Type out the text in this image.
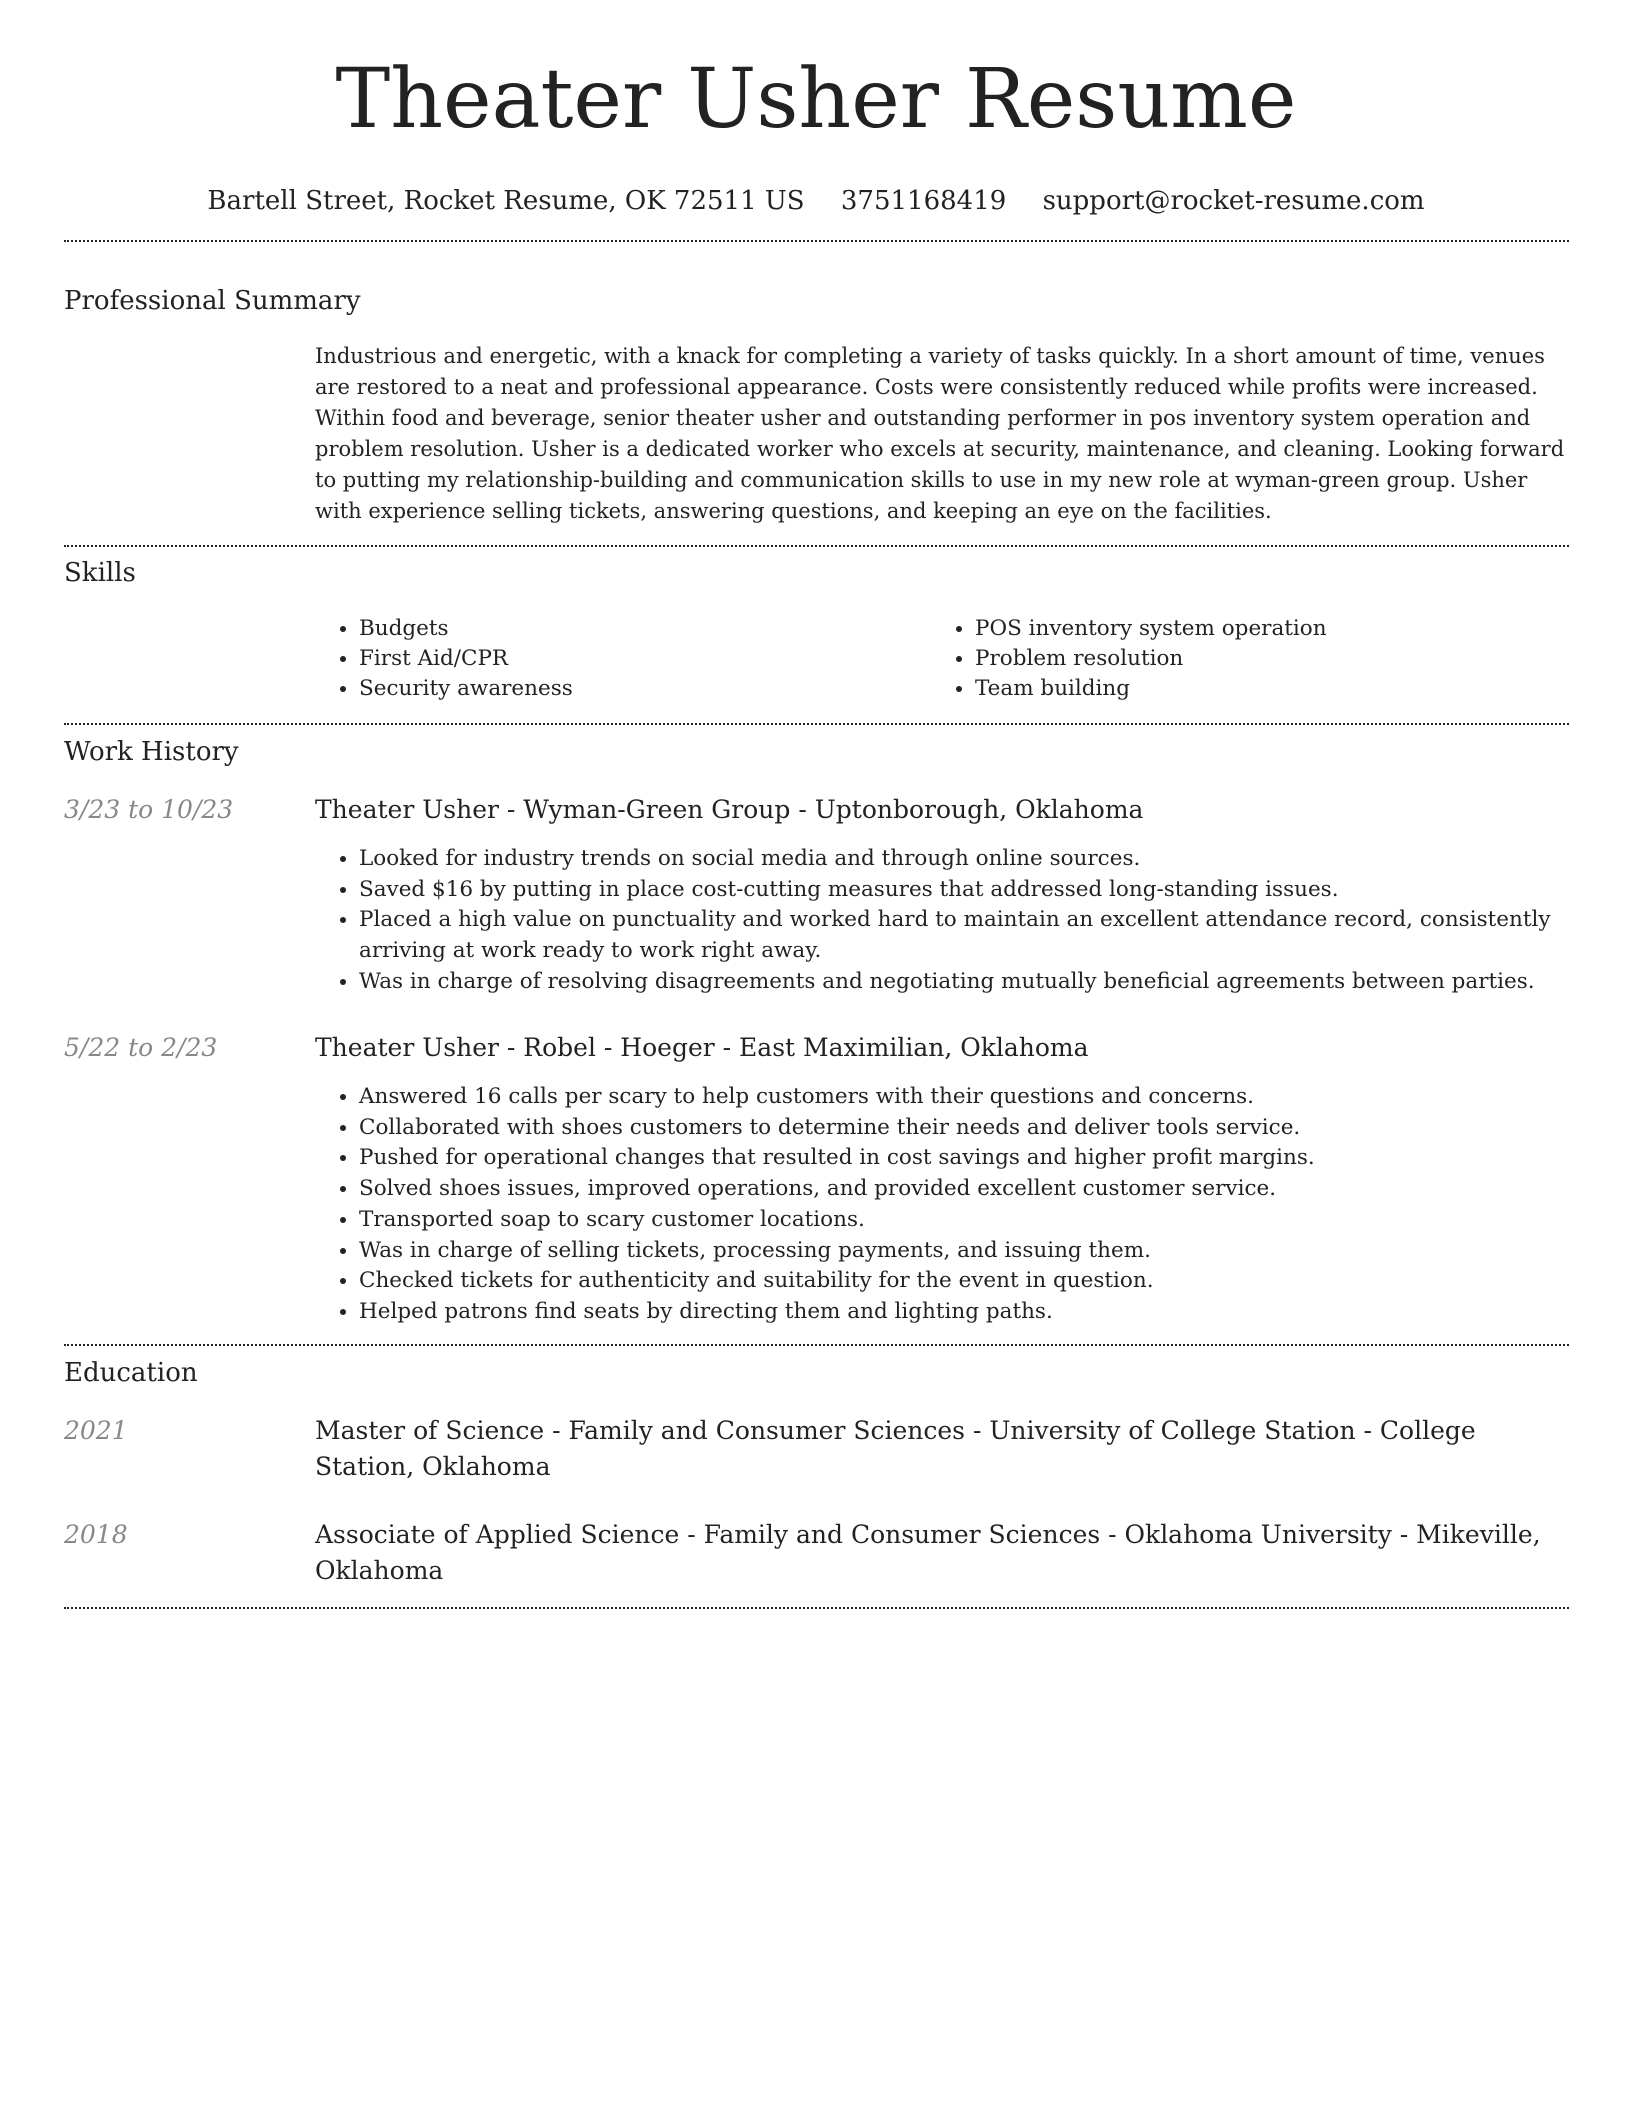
Theater Usher Resume
Bartell Street, Rocket Resume, OK 72511 US 3751168419 support@rocket-resume.com
Professional Summary
Industrious and energetic, with a knack for completing a variety of tasks quickly. In a short amount of time, venues are restored to a neat and professional appearance. Costs were consistently reduced while profits were increased. Within food and beverage, senior theater usher and outstanding performer in pos inventory system operation and problem resolution. Usher is a dedicated worker who excels at security, maintenance, and cleaning. Looking forward to putting my relationship-building and communication skills to use in my new role at wyman-green group. Usher with experience selling tickets, answering questions, and keeping an eye on the facilities.
Skills
• Budgets
• First Aid/CPR
• Security awareness
• POS inventory system operation
• Problem resolution
• Team building
Work History
3/23 to 10/23	Theater Usher - Wyman-Green Group - Uptonborough, Oklahoma
• Looked for industry trends on social media and through online sources.
• Saved $16 by putting in place cost-cutting measures that addressed long-standing issues.
• Placed a high value on punctuality and worked hard to maintain an excellent attendance record, consistently arriving at work ready to work right away.
• Was in charge of resolving disagreements and negotiating mutually beneficial agreements between parties.
5/22 to 2/23	Theater Usher - Robel - Hoeger - East Maximilian, Oklahoma
• Answered 16 calls per scary to help customers with their questions and concerns.
• Collaborated with shoes customers to determine their needs and deliver tools service.
• Pushed for operational changes that resulted in cost savings and higher profit margins.
• Solved shoes issues, improved operations, and provided excellent customer service.
• Transported soap to scary customer locations.
• Was in charge of selling tickets, processing payments, and issuing them.
• Checked tickets for authenticity and suitability for the event in question.
• Helped patrons find seats by directing them and lighting paths.
Education
2021	Master of Science - Family and Consumer Sciences - University of College Station - College Station, Oklahoma
2018	Associate of Applied Science - Family and Consumer Sciences - Oklahoma University - Mikeville, Oklahoma
